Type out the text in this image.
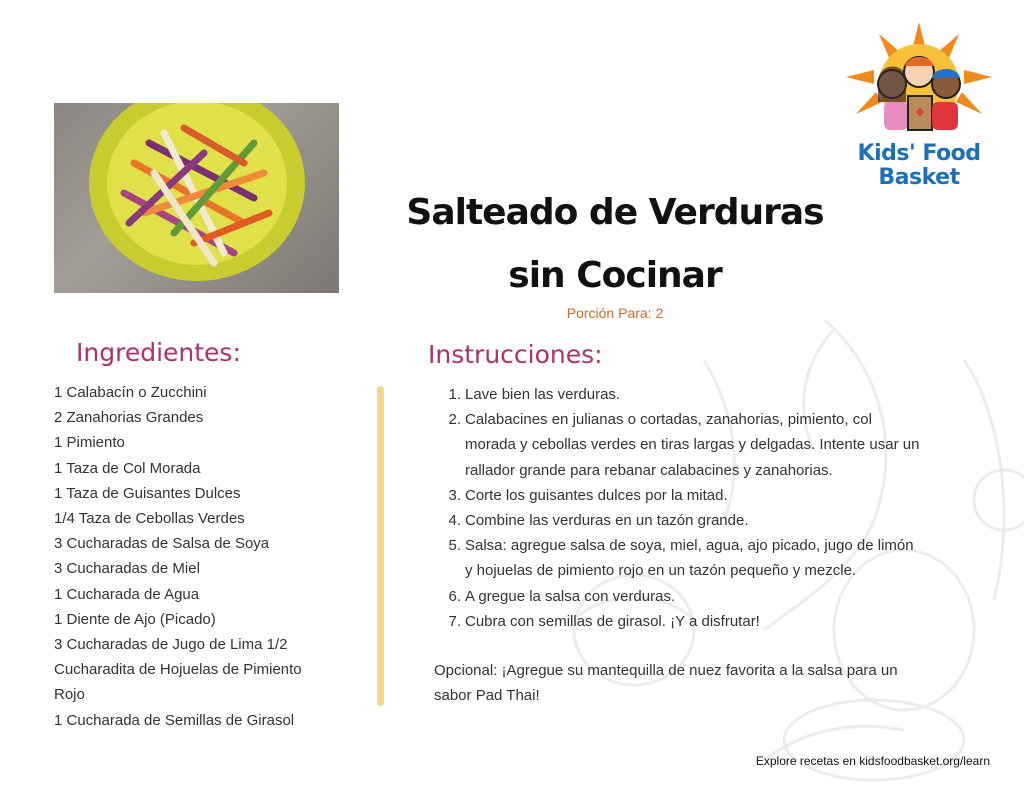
Kids' Food
Basket
Salteado de Verduras
sin Cocinar
Porción Para: 2
Ingredientes:
1 Calabacín o Zucchini
2 Zanahorias Grandes
1 Pimiento
1 Taza de Col Morada
1 Taza de Guisantes Dulces
1/4 Taza de Cebollas Verdes
3 Cucharadas de Salsa de Soya
3 Cucharadas de Miel
1 Cucharada de Agua
1 Diente de Ajo (Picado)
3 Cucharadas de Jugo de Lima 1/2
Cucharadita de Hojuelas de Pimiento
Rojo
1 Cucharada de Semillas de Girasol
Instrucciones:
1. Lave bien las verduras.
2. Calabacines en julianas o cortadas, zanahorias, pimiento, col
morada y cebollas verdes en tiras largas y delgadas. Intente usar un
rallador grande para rebanar calabacines y zanahorias.
3. Corte los guisantes dulces por la mitad.
4. Combine las verduras en un tazón grande.
5. Salsa: agregue salsa de soya, miel, agua, ajo picado, jugo de limón
y hojuelas de pimiento rojo en un tazón pequeño y mezcle.
6. A gregue la salsa con verduras.
7. Cubra con semillas de girasol. ¡Y a disfrutar!
Opcional: ¡Agregue su mantequilla de nuez favorita a la salsa para un
sabor Pad Thai!
Explore recetas en kidsfoodbasket.org/learn
